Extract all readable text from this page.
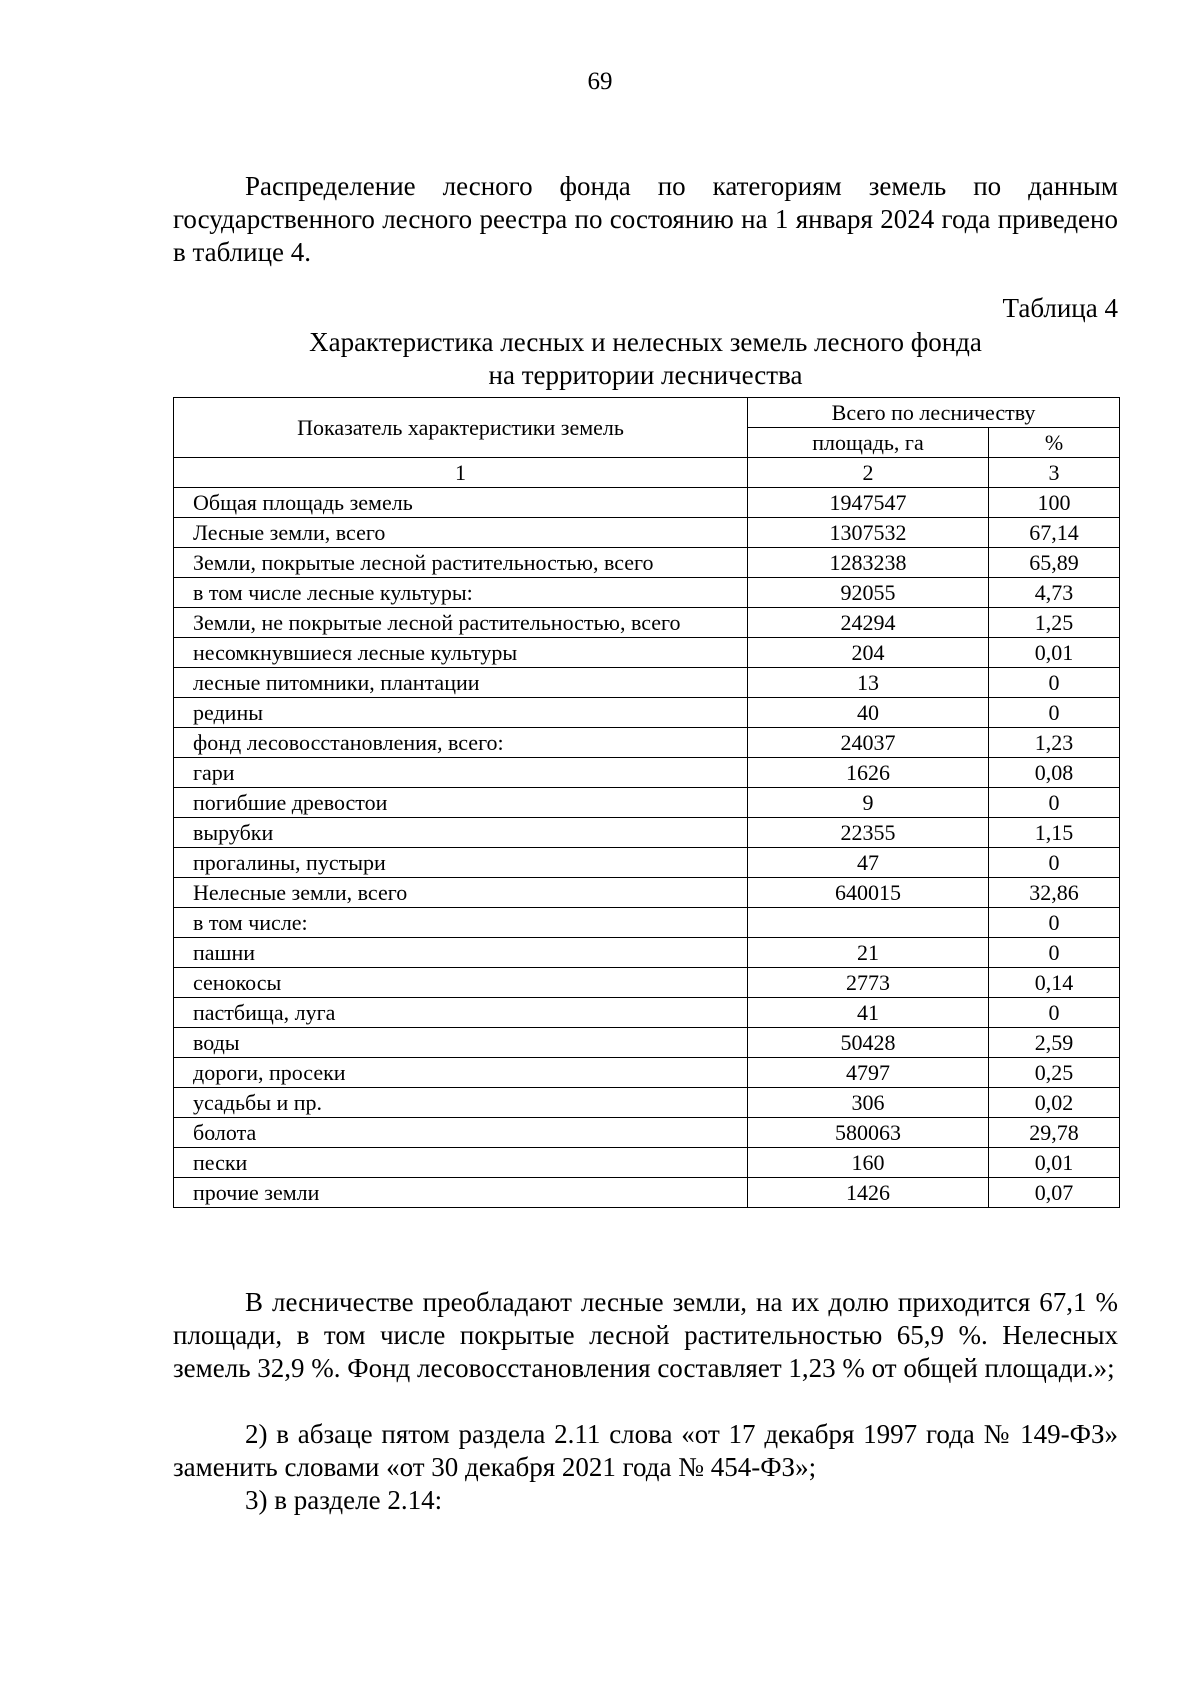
69

Распределение лесного фонда по категориям земель по данным государственного лесного реестра по состоянию на 1 января 2024 года приведено в таблице 4.

Таблица 4
Характеристика лесных и нелесных земель лесного фонда
на территории лесничества
Показатель характеристики земель	Всего по лесничеству	
	площадь, га	%
1	2	3
Общая площадь земель	1947547	100
Лесные земли, всего	1307532	67,14
Земли, покрытые лесной растительностью, всего	1283238	65,89
в том числе лесные культуры:	92055	4,73
Земли, не покрытые лесной растительностью, всего	24294	1,25
несомкнувшиеся лесные культуры	204	0,01
лесные питомники, плантации	13	0
редины	40	0
фонд лесовосстановления, всего:	24037	1,23
гари	1626	0,08
погибшие древостои	9	0
вырубки	22355	1,15
прогалины, пустыри	47	0
Нелесные земли, всего	640015	32,86
в том числе:		0
пашни	21	0
сенокосы	2773	0,14
пастбища, луга	41	0
воды	50428	2,59
дороги, просеки	4797	0,25
усадьбы и пр.	306	0,02
болота	580063	29,78
пески	160	0,01
прочие земли	1426	0,07

В лесничестве преобладают лесные земли, на их долю приходится 67,1 % площади, в том числе покрытые лесной растительностью 65,9 %. Нелесных земель 32,9 %. Фонд лесовосстановления составляет 1,23 % от общей площади.»;

2) в абзаце пятом раздела 2.11 слова «от 17 декабря 1997 года № 149-ФЗ» заменить словами «от 30 декабря 2021 года № 454-ФЗ»;

3) в разделе 2.14:
